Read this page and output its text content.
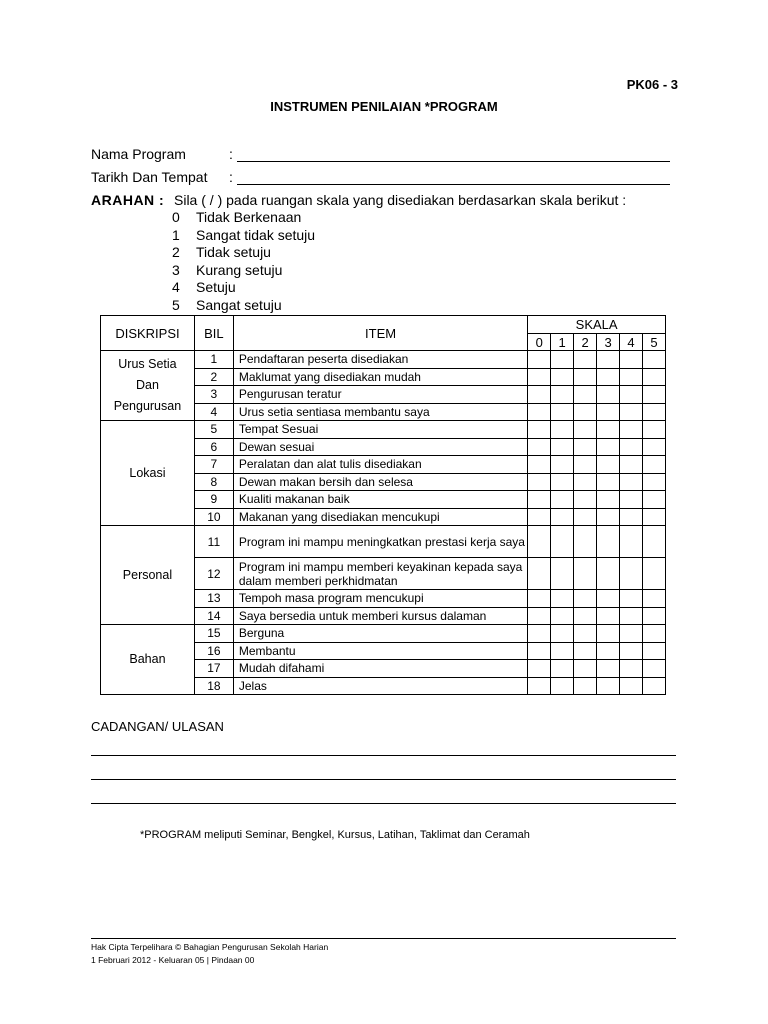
PK06 - 3
INSTRUMEN PENILAIAN *PROGRAM
Nama Program	:
Tarikh Dan Tempat :
ARAHAN : Sila ( / ) pada ruangan skala yang disediakan berdasarkan skala berikut :
0 Tidak Berkenaan
1 Sangat tidak setuju
2 Tidak setuju
3 Kurang setuju
4 Setuju
5 Sangat setuju
DISKRIPSI	BIL	ITEM	SKALA					
			0	1	2	3	4	5
Urus Setia
Dan
Pengurusan	1	Pendaftaran peserta disediakan						
	2	Maklumat yang disediakan mudah						
	3	Pengurusan teratur						
	4	Urus setia sentiasa membantu saya						
Lokasi	5	Tempat Sesuai						
	6	Dewan sesuai						
	7	Peralatan dan alat tulis disediakan						
	8	Dewan makan bersih dan selesa						
	9	Kualiti makanan baik						
	10	Makanan yang disediakan mencukupi						
Personal	11	Program ini mampu meningkatkan prestasi kerja saya						
	12	Program ini mampu memberi keyakinan kepada saya dalam memberi perkhidmatan						
	13	Tempoh masa program mencukupi						
	14	Saya bersedia untuk memberi kursus dalaman						
Bahan	15	Berguna						
	16	Membantu						
	17	Mudah difahami						
	18	Jelas						
CADANGAN/ ULASAN
*PROGRAM meliputi Seminar, Bengkel, Kursus, Latihan, Taklimat dan Ceramah
Hak Cipta Terpelihara © Bahagian Pengurusan Sekolah Harian
1 Februari 2012 - Keluaran 05 | Pindaan 00
